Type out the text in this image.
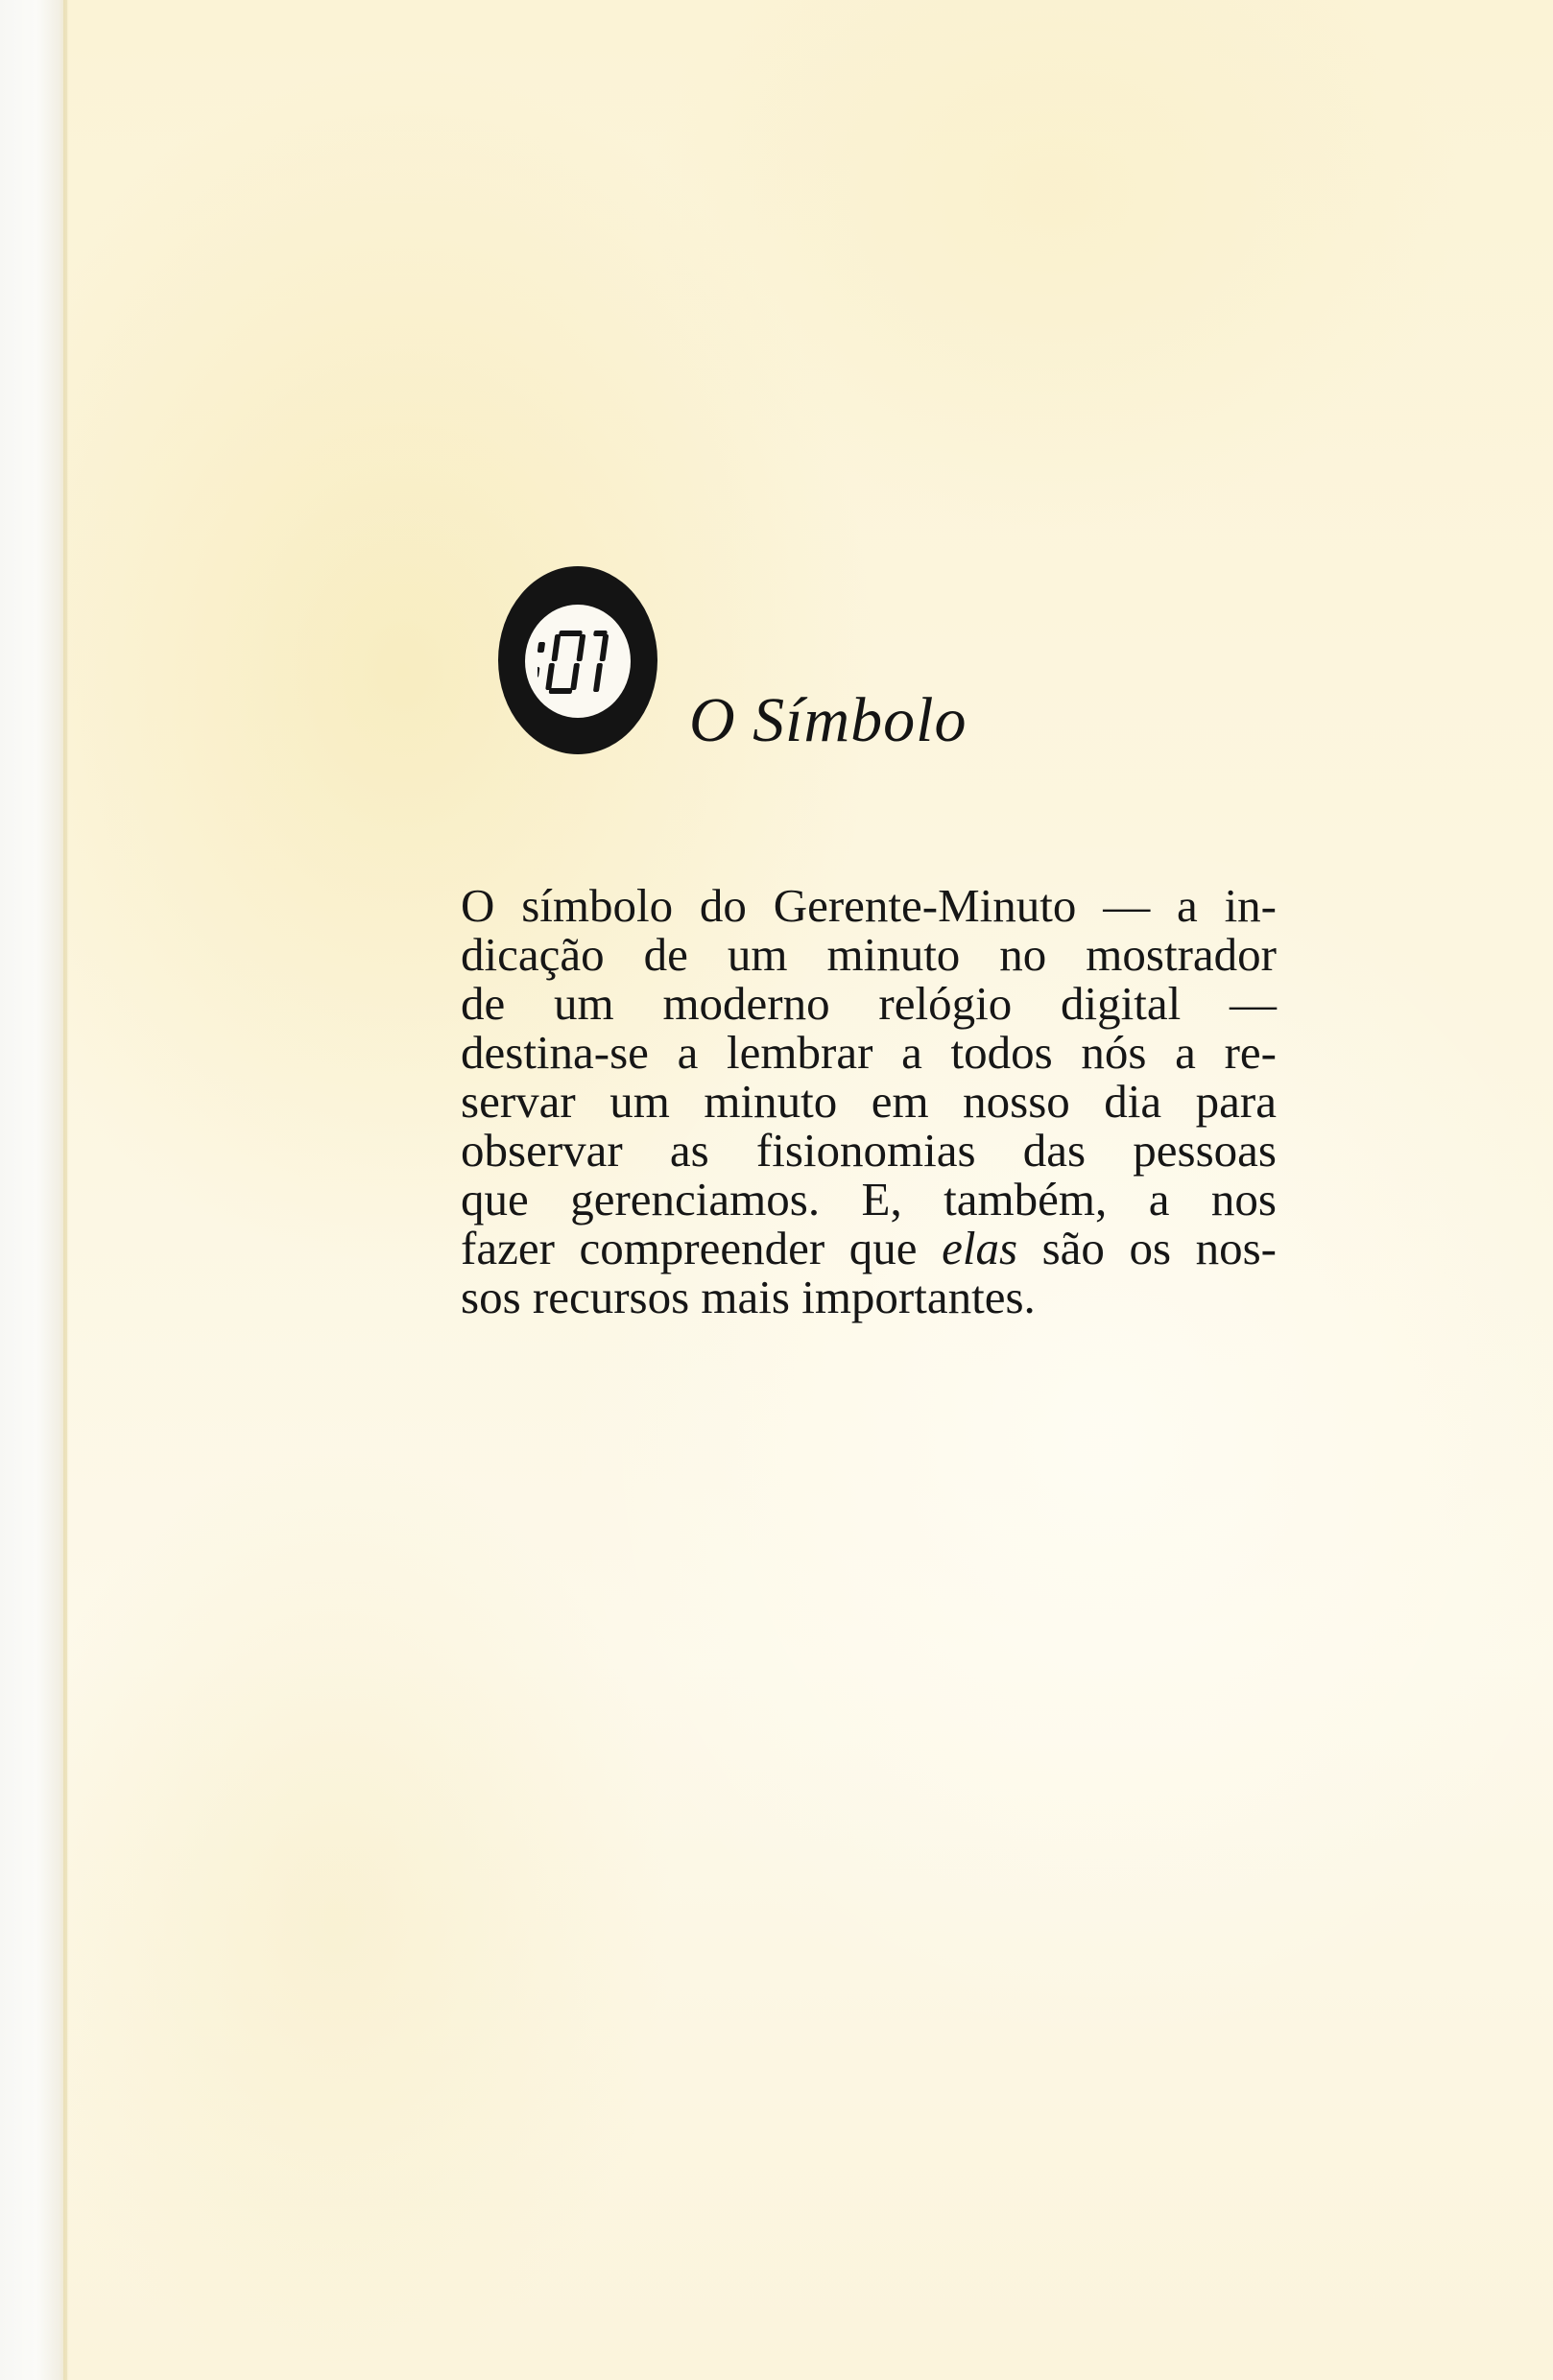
O Símbolo

O símbolo do Gerente-Minuto — a in-
dicação de um minuto no mostrador
de um moderno relógio digital —
destina-se a lembrar a todos nós a re-
servar um minuto em nosso dia para
observar as fisionomias das pessoas
que gerenciamos. E, também, a nos
fazer compreender que elas são os nos-
sos recursos mais importantes.
